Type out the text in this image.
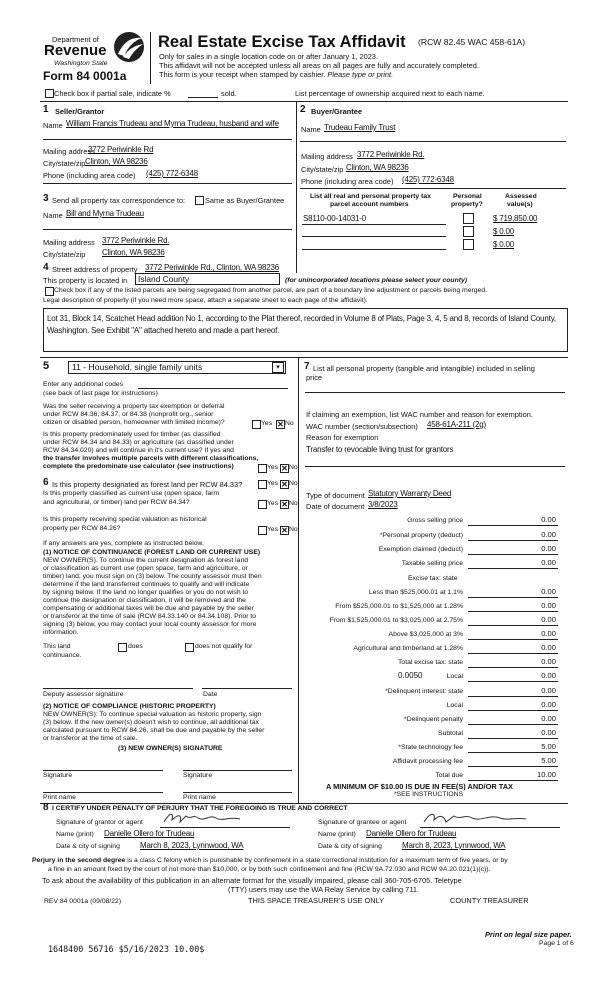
Department of
Revenue
Washington State
Form 84 0001a
Real Estate Excise Tax Affidavit (RCW 82.45 WAC 458-61A)
Only for sales in a single location code on or after January 1, 2023.
This affidavit will not be accepted unless all areas on all pages are fully and accurately completed.
This form is your receipt when stamped by cashier. Please type or print.
Check box if partial sale, indicate %	sold.	List percentage of ownership acquired next to each name.
1 Seller/Grantor
Name William Francis Trudeau and Myrna Trudeau, husband and wife
Mailing address
3772 Periwinkle Rd
City/state/zip Clinton, WA 98236
Phone (including area code) (425) 772-6348
2 Buyer/Grantee
Name Trudeau Family Trust
Mailing address 3772 Periwinkle Rd.
City/state/zip Clinton, WA 98236
Phone (including area code) (425) 772-6348
3 Send all property tax correspondence to:	Same as Buyer/Grantee
Name Bill and Myrna Trudeau
Mailing address 3772 Periwinkle Rd.
City/state/zip Clinton, WA 98236
List all real and personal property tax
parcel account numbers
Personal
property?
Assessed
value(s)
S8110-00-14031-0	$ 719,850.00
$ 0.00
$ 0.00
4 Street address of property 3772 Periwinkle Rd., Clinton, WA 98236
This property is located in Island County	(for unincorporated locations please select your county)
Check box if any of the listed parcels are being segregated from another parcel, are part of a boundary line adjustment or parcels being merged.
Legal description of property (if you need more space, attach a separate sheet to each page of the affidavit).
Lot 31, Block 14, Scatchet Head addition No 1, according to the Plat thereof, recorded in Volume 8 of Plats, Page 3, 4, 5 and 8, records of Island County, Washington. See Exhibit "A" attached hereto and made a part hereof.
5	11 - Household, single family units	▾
Enter any additional codes
(see back of last page for instructions)
Was the seller receiving a property tax exemption or deferral
under RCW 84.36, 84.37, or 84.38 (nonprofit org., senior
citizen or disabled person, homeowner with limited income)?	Yes ✕ No
Is this property predominately used for timber (as classified
under RCW 84.34 and 84.33) or agriculture (as classified under
RCW 84.34.020) and will continue in it's current use? If yes and
the transfer involves multiple parcels with different classifications,
complete the predominate use calculator (see instructions)	Yes ✕ No
6 Is this property designated as forest land per RCW 84.33?	Yes ✕ No
Is this property classified as current use (open space, farm
and agricultural, or timber) land per RCW 84.34?	Yes ✕ No
Is this property receiving special valuation as historical
property per RCW 84.26?	Yes ✕ No
If any answers are yes, complete as instructed below.
(1) NOTICE OF CONTINUANCE (FOREST LAND OR CURRENT USE)
NEW OWNER(S). To continue the current designation as forest land
or classification as current use (open space, farm and agriculture, or
timber) land, you must sign on (3) below. The county assessor must then
determine if the land transferred continues to qualify and will indicate
by signing below. If the land no longer qualifies or you do not wish to
continue the designation or classification, it will be removed and the
compensating or additional taxes will be due and payable by the seller
or transferor at the time of sale (RCW 84.33.140 or 84.34.108). Prior to
signing (3) below, you may contact your local county assessor for more
information.
This land	does	does not qualify for
continuance.
Deputy assessor signature	Date
(2) NOTICE OF COMPLIANCE (HISTORIC PROPERTY)
NEW OWNER(S): To continue special valuation as historic property, sign
(3) below. If the new owner(s) doesn't wish to continue, all additional tax
calculated pursuant to RCW 84.26, shall be due and payable by the seller
or transferor at the time of sale.
(3) NEW OWNER(S) SIGNATURE
Signature	Signature
Print name	Print name
7 List all personal property (tangible and intangible) included in selling
price
If claiming an exemption, list WAC number and reason for exemption.
WAC number (section/subsection) 458-61A-211 (2g)
Reason for exemption
Transfer to revocable living trust for grantors
Type of document Statutory Warranty Deed
Date of document 3/8/2023
Gross selling price	0.00
*Personal property (deduct)	0.00
Exemption claimed (deduct)	0.00
Taxable selling price	0.00
Excise tax: state
Less than $525,000.01 at 1.1%	0.00
From $525,000.01 to $1,525,000 at 1.28%	0.00
From $1,525,000.01 to $3,025,000 at 2.75%	0.00
Above $3,025,000 at 3%	0.00
Agricultural and timberland at 1.28%	0.00
Total excise tax: state	0.00
0.0050	Local	0.00
*Delinquent interest: state	0.00
Local	0.00
*Delinquent penalty	0.00
Subtotal	0.00
*State technology fee	5.00
Affidavit processing fee	5.00
Total due	10.00
A MINIMUM OF $10.00 IS DUE IN FEE(S) AND/OR TAX
*SEE INSTRUCTIONS
8 I CERTIFY UNDER PENALTY OF PERJURY THAT THE FOREGOING IS TRUE AND CORRECT
Signature of grantor or agent
Name (print) Danielle Ollero for Trudeau
Date & city of signing	March 8, 2023, Lynnwood, WA
Signature of grantee or agent
Name (print) Danielle Ollero for Trudeau
Date & city of signing	March 8, 2023, Lynnwood, WA
Perjury in the second degree is a class C felony which is punishable by confinement in a state correctional institution for a maximum term of five years, or by
a fine in an amount fixed by the court of not more than $10,000, or by both such confinement and fine (RCW 9A.72.030 and RCW 9A.20.021(1)(c)).
To ask about the availability of this publication in an alternate format for the visually impaired, please call 360-705-6705. Teletype
(TTY) users may use the WA Relay Service by calling 711.
REV 84 0001a (09/08/22)	THIS SPACE TREASURER'S USE ONLY	COUNTY TREASURER
Print on legal size paper.
Page 1 of 6
1648400 56716 $5/16/2023 10.00$
